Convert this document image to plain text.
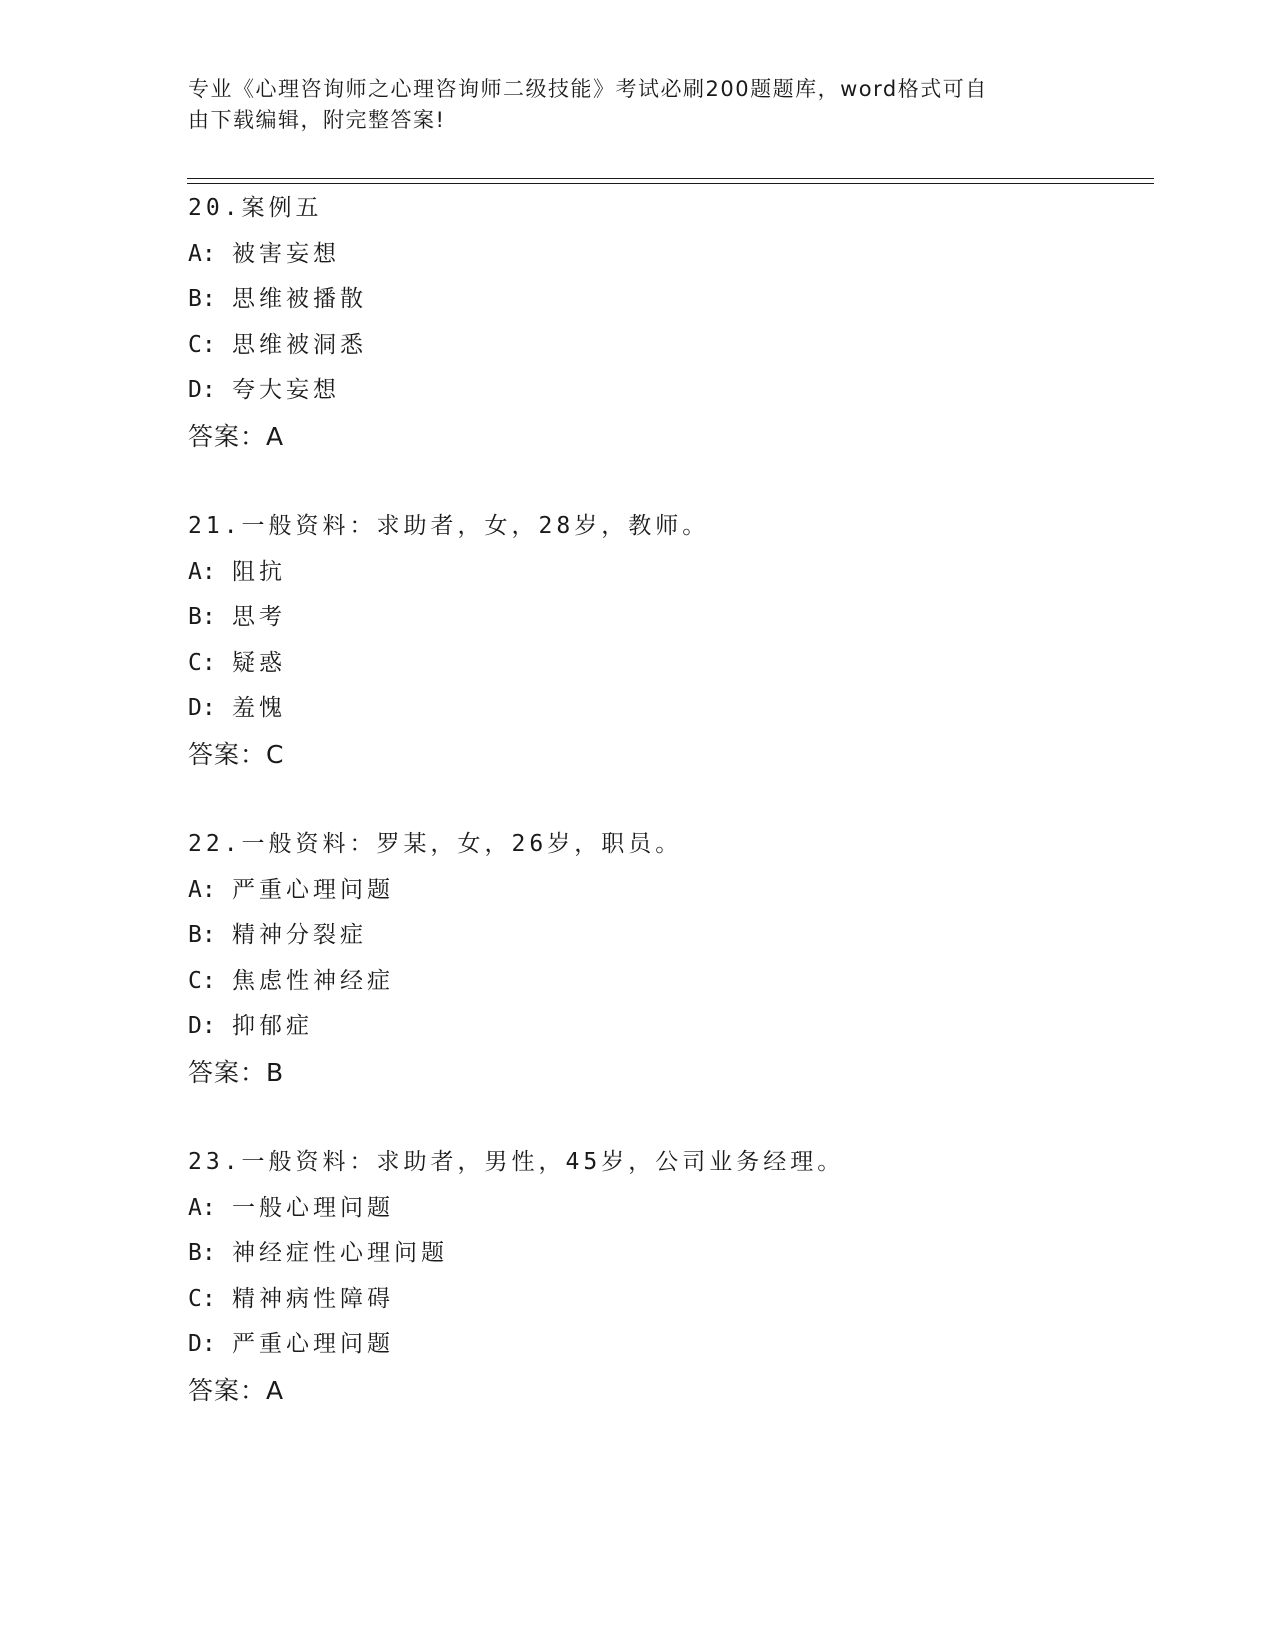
专业《心理咨询师之心理咨询师二级技能》考试必刷200题题库，word格式可自
由下载编辑，附完整答案!
20.案例五
A: 被害妄想
B: 思维被播散
C: 思维被洞悉
D: 夸大妄想
答案：A
21.一般资料：求助者，女，28岁，教师。
A: 阻抗
B: 思考
C: 疑惑
D: 羞愧
答案：C
22.一般资料：罗某，女，26岁，职员。
A: 严重心理问题
B: 精神分裂症
C: 焦虑性神经症
D: 抑郁症
答案：B
23.一般资料：求助者，男性，45岁，公司业务经理。
A: 一般心理问题
B: 神经症性心理问题
C: 精神病性障碍
D: 严重心理问题
答案：A
